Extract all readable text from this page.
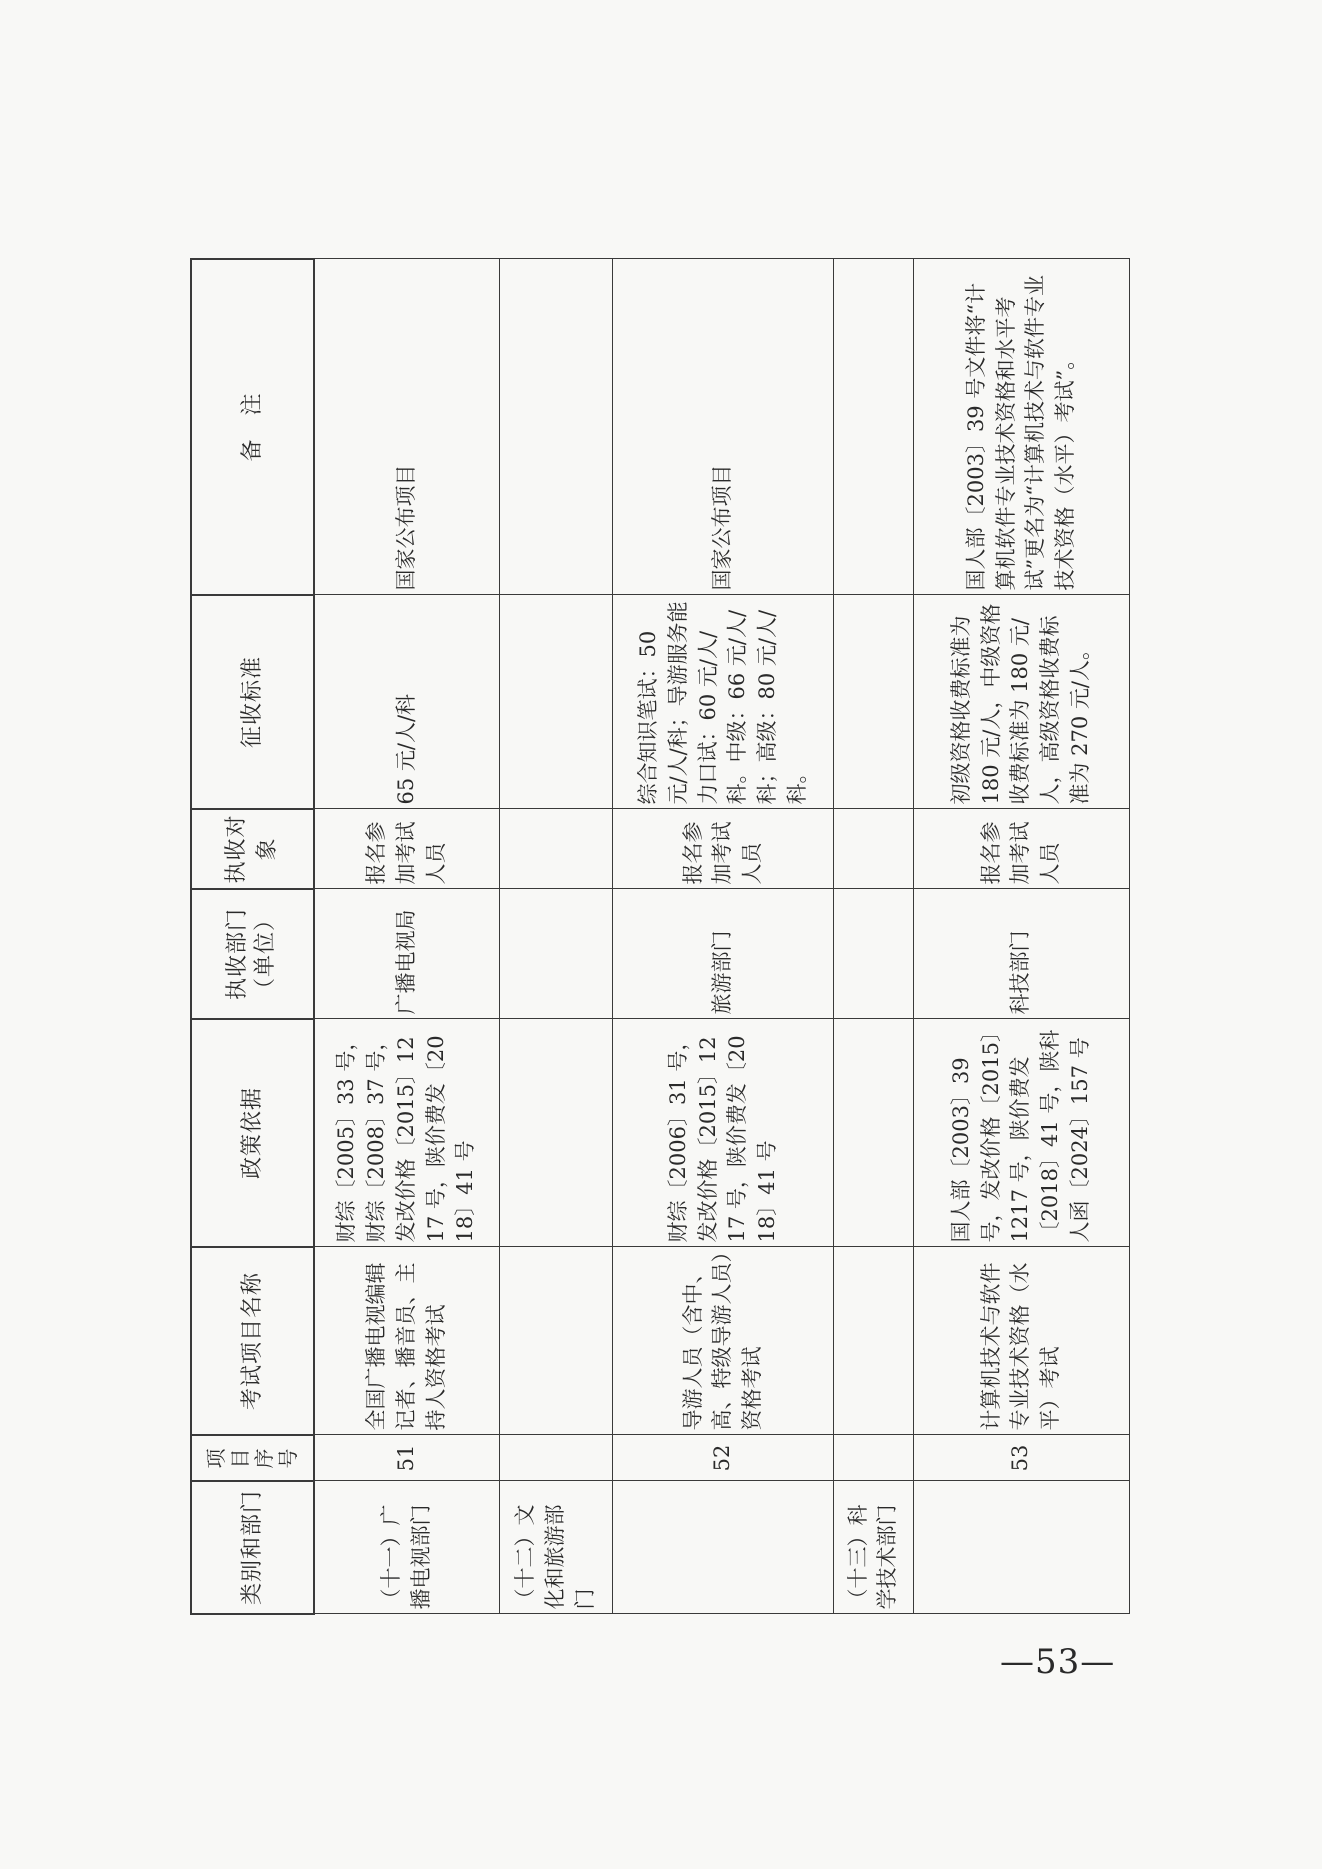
类别和部门	项目序号	考试项目名称	政策依据	执收部门（单位）	执收对象	征收标准	备　注
（十一）广播电视部门	51	全国广播电视编辑记者、播音员、主持人资格考试	财综〔2005〕33 号，财综〔2008〕37 号，发改价格〔2015〕1217 号，陕价费发〔2018〕41 号	广播电视局	报名参加考试人员	65 元/人/科	国家公布项目
（十二）文化和旅游部门							
	52	导游人员（含中、高、特级导游人员）资格考试	财综〔2006〕31 号，发改价格〔2015〕1217 号，陕价费发〔2018〕41 号	旅游部门	报名参加考试人员	综合知识笔试：50 元/人/科；导游服务能力口试：60 元/人/科。中级：66 元/人/科；高级：80 元/人/科。	国家公布项目
（十三）科学技术部门							
	53	计算机技术与软件专业技术资格（水平）考试	国人部〔2003〕39 号，发改价格〔2015〕1217 号，陕价费发〔2018〕41 号，陕科人函〔2024〕157 号	科技部门	报名参加考试人员	初级资格收费标准为 180 元/人，中级资格收费标准为 180 元/人，高级资格收费标准为 270 元/人。	国人部〔2003〕39 号文件将“计算机软件专业技术资格和水平考试”更名为“计算机技术与软件专业技术资格（水平）考试”。
—53—
